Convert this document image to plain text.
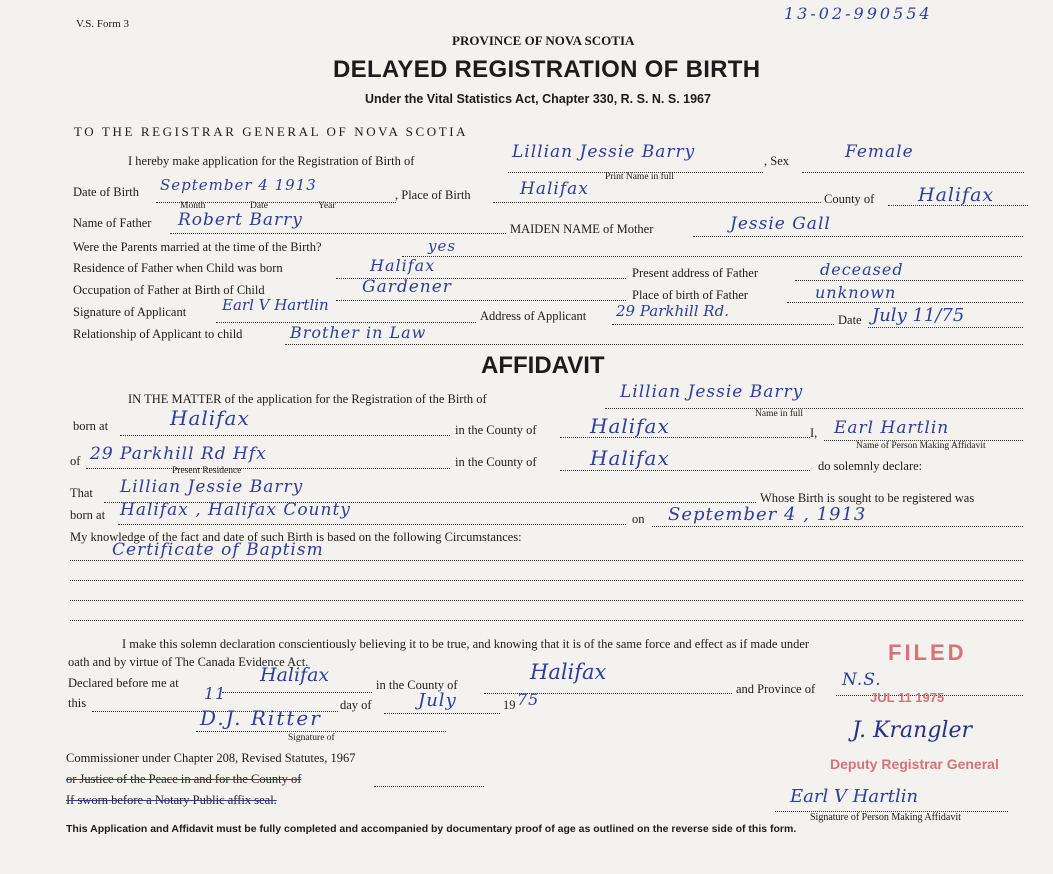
V.S. Form 3
13-02-990554
PROVINCE OF NOVA SCOTIA
DELAYED REGISTRATION OF BIRTH
Under the Vital Statistics Act, Chapter 330, R. S. N. S. 1967
TO THE REGISTRAR GENERAL OF NOVA SCOTIA
I hereby make application for the Registration of Birth of	Lillian Jessie Barry
Print Name in full
, Sex	Female
Date of Birth September 4 1913
Month	Date	Year
, Place of Birth	Halifax	County of Halifax
Name of Father Robert Barry	MAIDEN NAME of Mother	Jessie Gall
Were the Parents married at the time of the Birth?	yes
Residence of Father when Child was born	Halifax	Present address of Father	deceased
Occupation of Father at Birth of Child	Gardener	Place of birth of Father	unknown
Signature of Applicant Earl V Hartlin
Address of Applicant 29 Parkhill Rd.	Date July 11/75
Relationship of Applicant to child	Brother in Law
AFFIDAVIT
IN THE MATTER of the application for the Registration of the Birth of	Lillian Jessie Barry
Name in full
born at	Halifax	in the County of	Halifax	I, Earl Hartlin
Name of Person Making Affidavit
of 29 Parkhill Rd Hfx
Present Residence
in the County of	Halifax	do solemnly declare:
That Lillian Jessie Barry
Whose Birth is sought to be registered was
born at Halifax , Halifax County	on September 4 , 1913
My knowledge of the fact and date of such Birth is based on the following Circumstances:
Certificate of Baptism
I make this solemn declaration conscientiously believing it to be true, and knowing that it is of the same force and effect as if made under
oath and by virtue of The Canada Evidence Act.
Declared before me at	Halifax	in the County of
Halifax
and Province of N.S.
this	11
day of	July	19 75
D.J. Ritter
Signature of
Commissioner under Chapter 208, Revised Statutes, 1967
or Justice of the Peace in and for the County of
If sworn before a Notary Public affix seal.
FILED
JUL 11 1975
J. Krangler
Deputy Registrar General
Earl V Hartlin
Signature of Person Making Affidavit
This Application and Affidavit must be fully completed and accompanied by documentary proof of age as outlined on the reverse side of this form.
